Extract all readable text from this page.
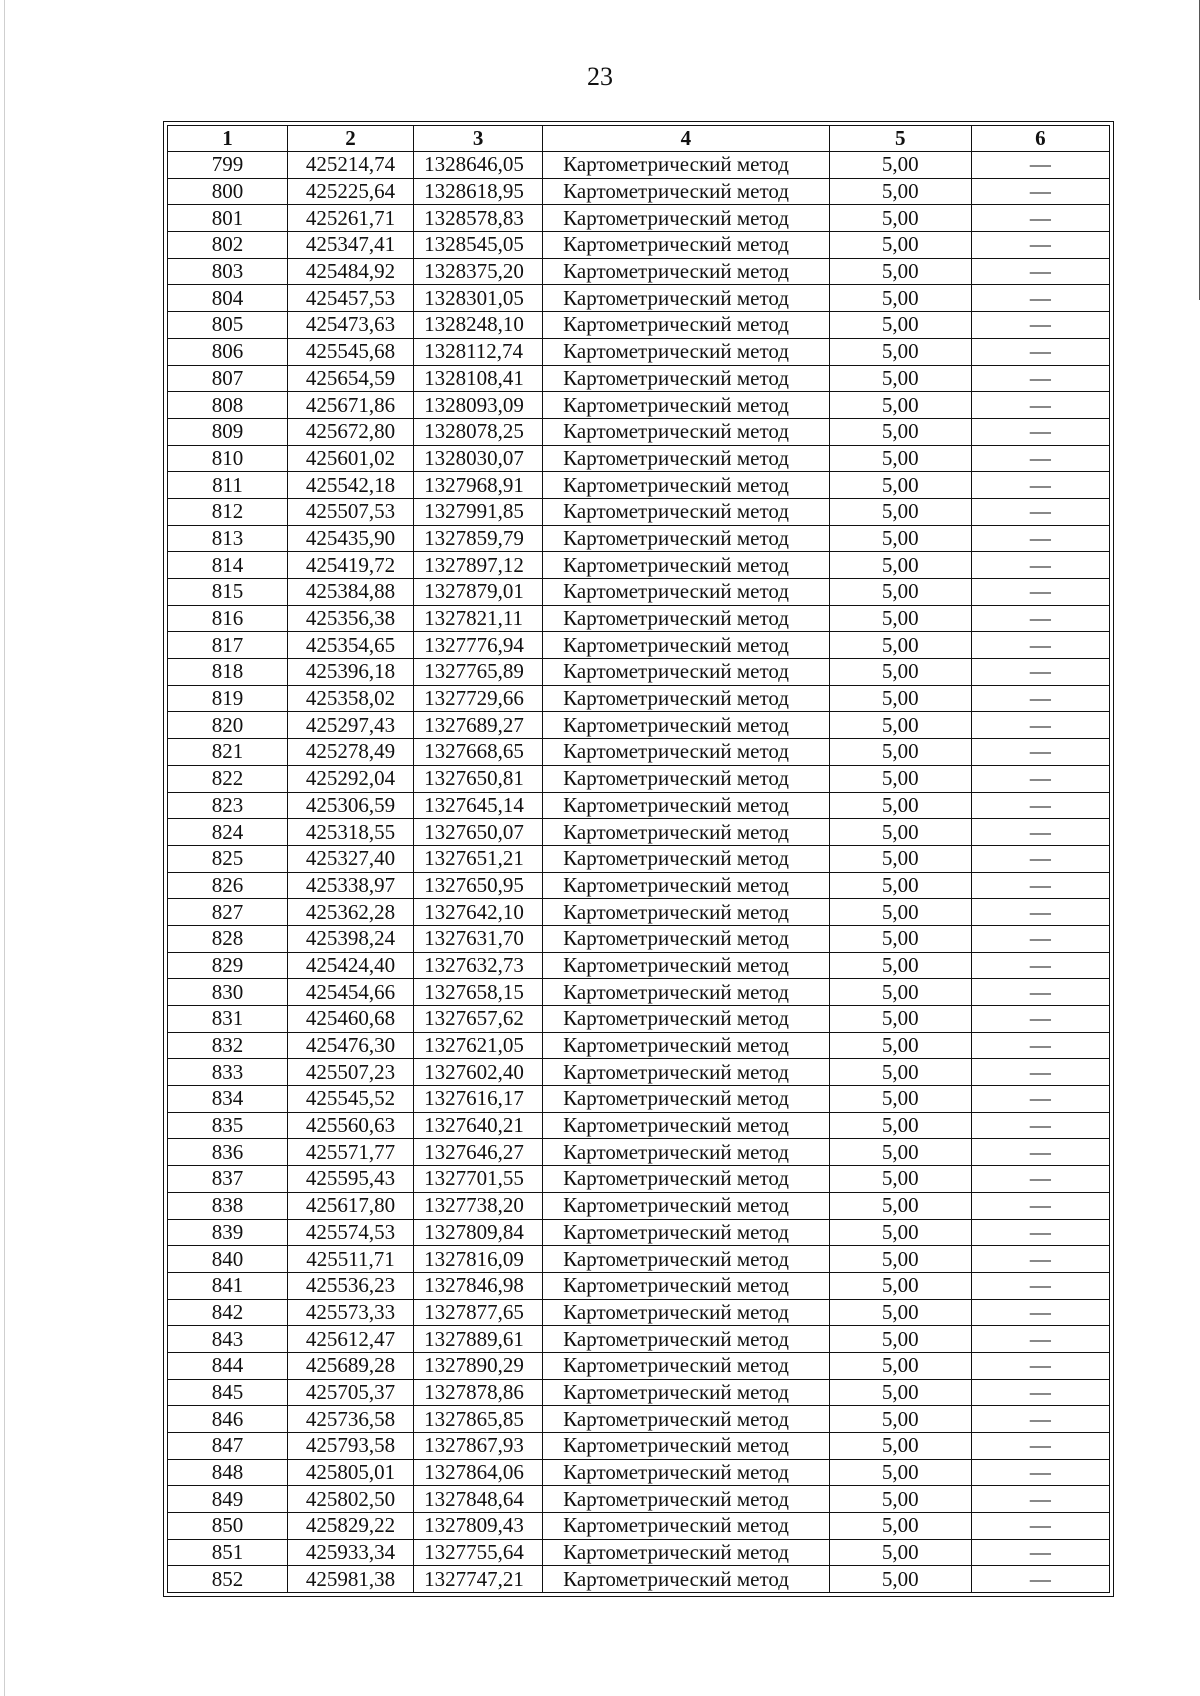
23
1	2	3	4	5	6
799	425214,74	1328646,05	Картометрический метод	5,00	—
800	425225,64	1328618,95	Картометрический метод	5,00	—
801	425261,71	1328578,83	Картометрический метод	5,00	—
802	425347,41	1328545,05	Картометрический метод	5,00	—
803	425484,92	1328375,20	Картометрический метод	5,00	—
804	425457,53	1328301,05	Картометрический метод	5,00	—
805	425473,63	1328248,10	Картометрический метод	5,00	—
806	425545,68	1328112,74	Картометрический метод	5,00	—
807	425654,59	1328108,41	Картометрический метод	5,00	—
808	425671,86	1328093,09	Картометрический метод	5,00	—
809	425672,80	1328078,25	Картометрический метод	5,00	—
810	425601,02	1328030,07	Картометрический метод	5,00	—
811	425542,18	1327968,91	Картометрический метод	5,00	—
812	425507,53	1327991,85	Картометрический метод	5,00	—
813	425435,90	1327859,79	Картометрический метод	5,00	—
814	425419,72	1327897,12	Картометрический метод	5,00	—
815	425384,88	1327879,01	Картометрический метод	5,00	—
816	425356,38	1327821,11	Картометрический метод	5,00	—
817	425354,65	1327776,94	Картометрический метод	5,00	—
818	425396,18	1327765,89	Картометрический метод	5,00	—
819	425358,02	1327729,66	Картометрический метод	5,00	—
820	425297,43	1327689,27	Картометрический метод	5,00	—
821	425278,49	1327668,65	Картометрический метод	5,00	—
822	425292,04	1327650,81	Картометрический метод	5,00	—
823	425306,59	1327645,14	Картометрический метод	5,00	—
824	425318,55	1327650,07	Картометрический метод	5,00	—
825	425327,40	1327651,21	Картометрический метод	5,00	—
826	425338,97	1327650,95	Картометрический метод	5,00	—
827	425362,28	1327642,10	Картометрический метод	5,00	—
828	425398,24	1327631,70	Картометрический метод	5,00	—
829	425424,40	1327632,73	Картометрический метод	5,00	—
830	425454,66	1327658,15	Картометрический метод	5,00	—
831	425460,68	1327657,62	Картометрический метод	5,00	—
832	425476,30	1327621,05	Картометрический метод	5,00	—
833	425507,23	1327602,40	Картометрический метод	5,00	—
834	425545,52	1327616,17	Картометрический метод	5,00	—
835	425560,63	1327640,21	Картометрический метод	5,00	—
836	425571,77	1327646,27	Картометрический метод	5,00	—
837	425595,43	1327701,55	Картометрический метод	5,00	—
838	425617,80	1327738,20	Картометрический метод	5,00	—
839	425574,53	1327809,84	Картометрический метод	5,00	—
840	425511,71	1327816,09	Картометрический метод	5,00	—
841	425536,23	1327846,98	Картометрический метод	5,00	—
842	425573,33	1327877,65	Картометрический метод	5,00	—
843	425612,47	1327889,61	Картометрический метод	5,00	—
844	425689,28	1327890,29	Картометрический метод	5,00	—
845	425705,37	1327878,86	Картометрический метод	5,00	—
846	425736,58	1327865,85	Картометрический метод	5,00	—
847	425793,58	1327867,93	Картометрический метод	5,00	—
848	425805,01	1327864,06	Картометрический метод	5,00	—
849	425802,50	1327848,64	Картометрический метод	5,00	—
850	425829,22	1327809,43	Картометрический метод	5,00	—
851	425933,34	1327755,64	Картометрический метод	5,00	—
852	425981,38	1327747,21	Картометрический метод	5,00	—
